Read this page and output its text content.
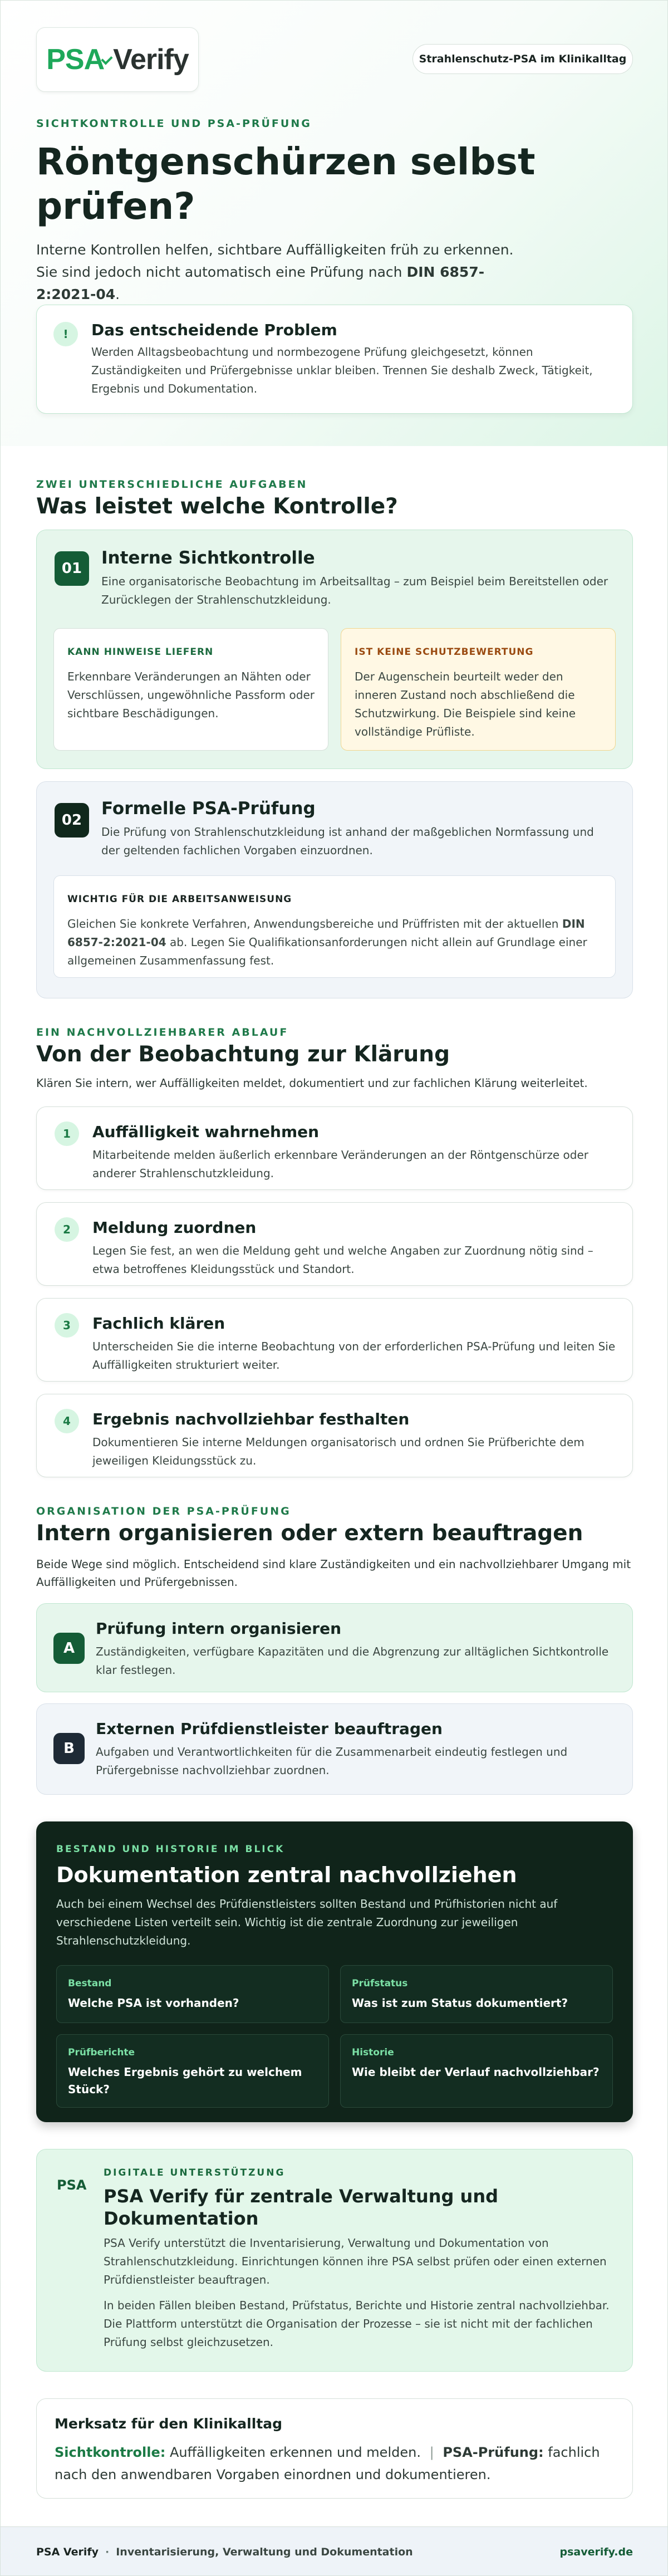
PSA Verify	Strahlenschutz-PSA im Klinikalltag
SICHTKONTROLLE UND PSA-PRÜFUNG
Röntgenschürzen selbst prüfen?
Interne Kontrollen helfen, sichtbare Auffälligkeiten früh zu erkennen. Sie sind jedoch nicht automatisch eine Prüfung nach DIN 6857-2:2021-04.
!	Das entscheidende Problem
Werden Alltagsbeobachtung und normbezogene Prüfung gleichgesetzt, können Zuständigkeiten und Prüfergebnisse unklar bleiben. Trennen Sie deshalb Zweck, Tätigkeit, Ergebnis und Dokumentation.
ZWEI UNTERSCHIEDLICHE AUFGABEN
Was leistet welche Kontrolle?
01
Interne Sichtkontrolle
Eine organisatorische Beobachtung im Arbeitsalltag – zum Beispiel beim Bereitstellen oder Zurücklegen der Strahlenschutzkleidung.
KANN HINWEISE LIEFERN
Erkennbare Veränderungen an Nähten oder Verschlüssen, ungewöhnliche Passform oder sichtbare Beschädigungen.
IST KEINE SCHUTZBEWERTUNG
Der Augenschein beurteilt weder den inneren Zustand noch abschließend die Schutzwirkung. Die Beispiele sind keine vollständige Prüfliste.
02
Formelle PSA-Prüfung
Die Prüfung von Strahlenschutzkleidung ist anhand der maßgeblichen Normfassung und der geltenden fachlichen Vorgaben einzuordnen.
WICHTIG FÜR DIE ARBEITSANWEISUNG
Gleichen Sie konkrete Verfahren, Anwendungsbereiche und Prüffristen mit der aktuellen DIN 6857-2:2021-04 ab. Legen Sie Qualifikationsanforderungen nicht allein auf Grundlage einer allgemeinen Zusammenfassung fest.
EIN NACHVOLLZIEHBARER ABLAUF
Von der Beobachtung zur Klärung
Klären Sie intern, wer Auffälligkeiten meldet, dokumentiert und zur fachlichen Klärung weiterleitet.
1	Auffälligkeit wahrnehmen
Mitarbeitende melden äußerlich erkennbare Veränderungen an der Röntgenschürze oder anderer Strahlenschutzkleidung.
2	Meldung zuordnen
Legen Sie fest, an wen die Meldung geht und welche Angaben zur Zuordnung nötig sind – etwa betroffenes Kleidungsstück und Standort.
3	Fachlich klären
Unterscheiden Sie die interne Beobachtung von der erforderlichen PSA-Prüfung und leiten Sie Auffälligkeiten strukturiert weiter.
4	Ergebnis nachvollziehbar festhalten
Dokumentieren Sie interne Meldungen organisatorisch und ordnen Sie Prüfberichte dem jeweiligen Kleidungsstück zu.
ORGANISATION DER PSA-PRÜFUNG
Intern organisieren oder extern beauftragen
Beide Wege sind möglich. Entscheidend sind klare Zuständigkeiten und ein nachvollziehbarer Umgang mit Auffälligkeiten und Prüfergebnissen.
A
Prüfung intern organisieren
Zuständigkeiten, verfügbare Kapazitäten und die Abgrenzung zur alltäglichen Sichtkontrolle klar festlegen.
B
Externen Prüfdienstleister beauftragen
Aufgaben und Verantwortlichkeiten für die Zusammenarbeit eindeutig festlegen und Prüfergebnisse nachvollziehbar zuordnen.
BESTAND UND HISTORIE IM BLICK
Dokumentation zentral nachvollziehen
Auch bei einem Wechsel des Prüfdienstleisters sollten Bestand und Prüfhistorien nicht auf verschiedene Listen verteilt sein. Wichtig ist die zentrale Zuordnung zur jeweiligen Strahlenschutzkleidung.
Bestand
Welche PSA ist vorhanden?
Prüfstatus
Was ist zum Status dokumentiert?
Prüfberichte
Welches Ergebnis gehört zu welchem Stück?
Historie
Wie bleibt der Verlauf nachvollziehbar?
PSA
DIGITALE UNTERSTÜTZUNG
PSA Verify für zentrale Verwaltung und Dokumentation
PSA Verify unterstützt die Inventarisierung, Verwaltung und Dokumentation von Strahlenschutzkleidung. Einrichtungen können ihre PSA selbst prüfen oder einen externen Prüfdienstleister beauftragen.
In beiden Fällen bleiben Bestand, Prüfstatus, Berichte und Historie zentral nachvollziehbar. Die Plattform unterstützt die Organisation der Prozesse – sie ist nicht mit der fachlichen Prüfung selbst gleichzusetzen.
Merksatz für den Klinikalltag
Sichtkontrolle: Auffälligkeiten erkennen und melden. | PSA-Prüfung: fachlich nach den anwendbaren Vorgaben einordnen und dokumentieren.
PSA Verify · Inventarisierung, Verwaltung und Dokumentation	psaverify.de
